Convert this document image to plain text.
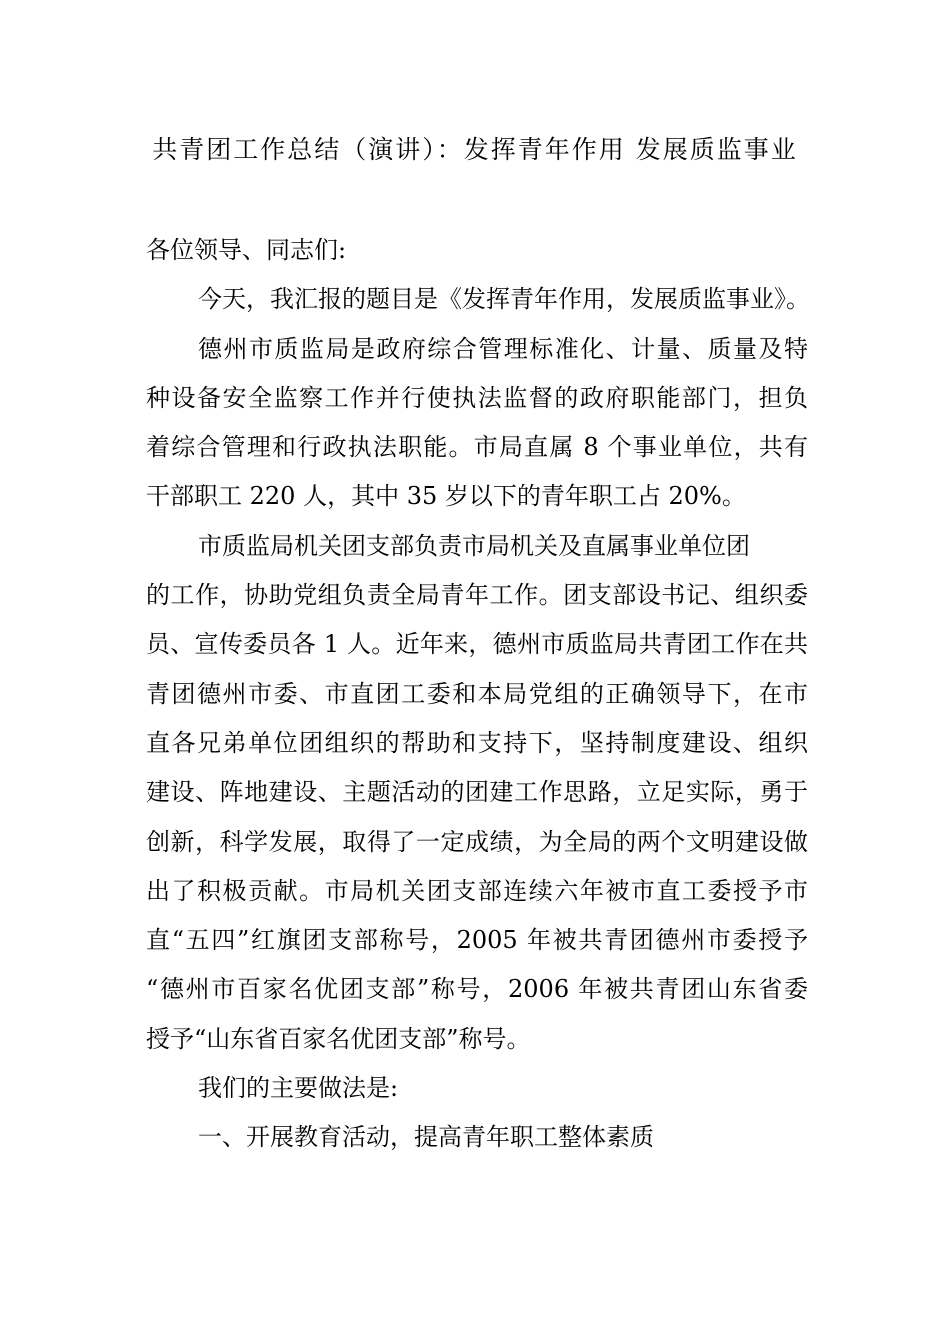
共青团工作总结（演讲）：发挥青年作用 发展质监事业
各位领导、同志们:
今天，我汇报的题目是《发挥青年作用，发展质监事业》。
德州市质监局是政府综合管理标准化、计量、质量及特
种设备安全监察工作并行使执法监督的政府职能部门，担负
着综合管理和行政执法职能。市局直属 8 个事业单位，共有
干部职工 220 人，其中 35 岁以下的青年职工占 20%。
市质监局机关团支部负责市局机关及直属事业单位团
的工作，协助党组负责全局青年工作。团支部设书记、组织委
员、宣传委员各 1 人。近年来，德州市质监局共青团工作在共
青团德州市委、市直团工委和本局党组的正确领导下，在市
直各兄弟单位团组织的帮助和支持下，坚持制度建设、组织
建设、阵地建设、主题活动的团建工作思路，立足实际，勇于
创新，科学发展，取得了一定成绩，为全局的两个文明建设做
出了积极贡献。市局机关团支部连续六年被市直工委授予市
直“五四”红旗团支部称号，2005 年被共青团德州市委授予
“德州市百家名优团支部”称号，2006 年被共青团山东省委
授予“山东省百家名优团支部”称号。
我们的主要做法是:
一、开展教育活动，提高青年职工整体素质
